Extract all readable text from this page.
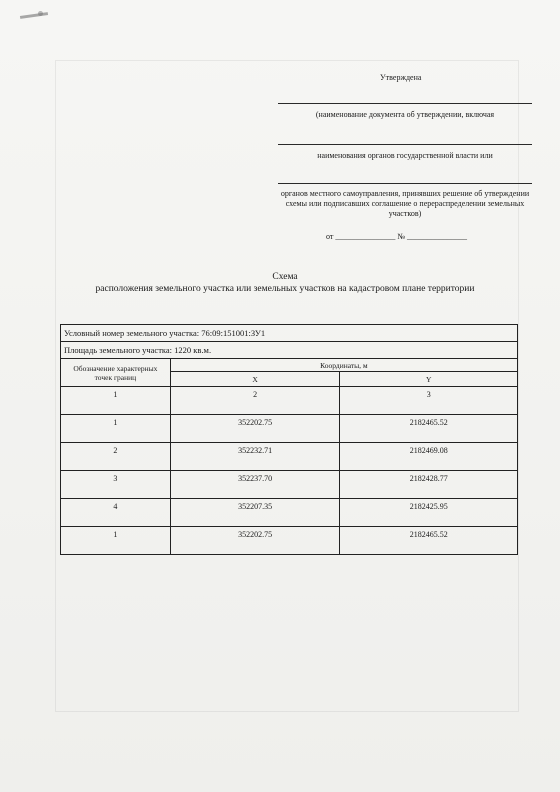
Утверждена
(наименование документа об утверждении, включая
наименования органов государственной власти или
органов местного самоуправления, принявших решение об утверждении схемы или подписавших соглашение о перераспределении земельных участков)
от _______________ № _______________
Схема
расположения земельного участка или земельных участков на кадастровом плане территории
Условный номер земельного участка: 76:09:151001:ЗУ1		
Площадь земельного участка: 1220 кв.м.		
Обозначение характерных точек границ	Координаты, м	
	X	Y
1	2	3
1	352202.75	2182465.52
2	352232.71	2182469.08
3	352237.70	2182428.77
4	352207.35	2182425.95
1	352202.75	2182465.52
